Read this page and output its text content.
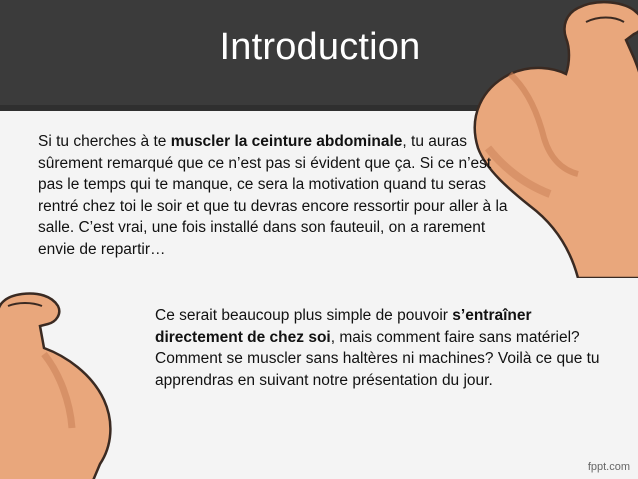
Introduction
Si tu cherches à te muscler la ceinture abdominale, tu auras sûrement remarqué que ce n’est pas si évident que ça. Si ce n’est pas le temps qui te manque, ce sera la motivation quand tu seras rentré chez toi le soir et que tu devras encore ressortir pour aller à la salle. C’est vrai, une fois installé dans son fauteuil, on a rarement envie de repartir…
Ce serait beaucoup plus simple de pouvoir s’entraîner directement de chez soi, mais comment faire sans matériel? Comment se muscler sans haltères ni machines? Voilà ce que tu apprendras en suivant notre présentation du jour.
fppt.com
